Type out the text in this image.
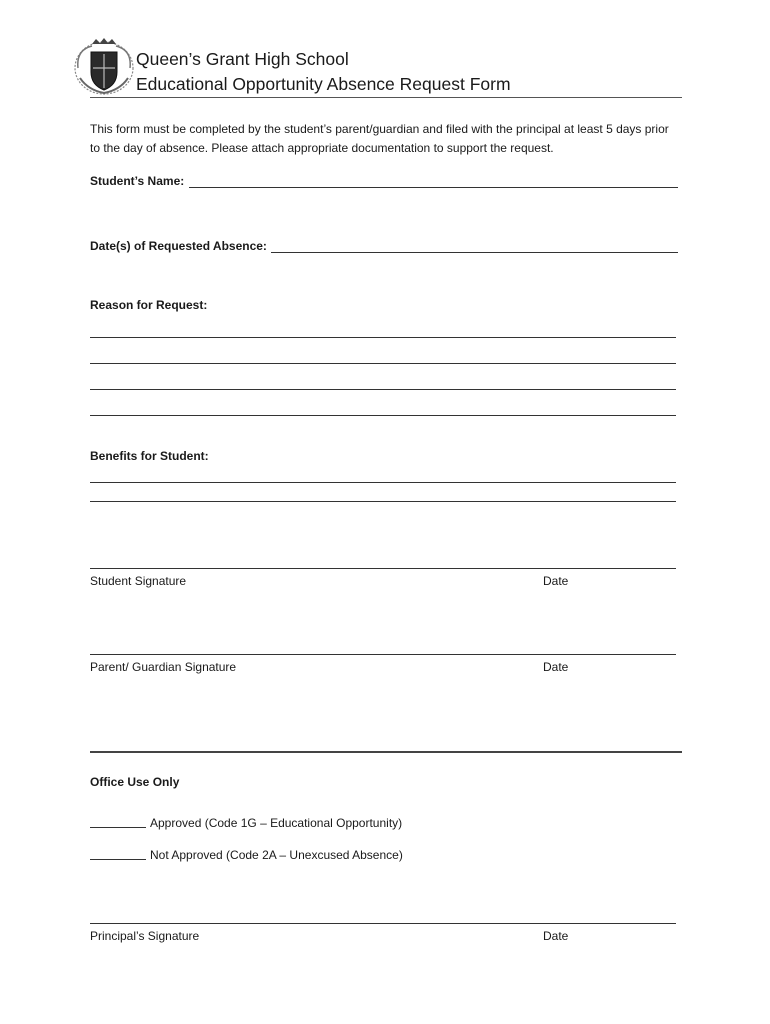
Queen’s Grant High School
Educational Opportunity Absence Request Form
This form must be completed by the student’s parent/guardian and filed with the principal at least 5 days prior to the day of absence. Please attach appropriate documentation to support the request.
Student’s Name:
Date(s) of Requested Absence:
Reason for Request:
Benefits for Student:
Student Signature	Date
Parent/ Guardian Signature	Date
Office Use Only
Approved (Code 1G – Educational Opportunity)
Not Approved (Code 2A – Unexcused Absence)
Principal’s Signature	Date
